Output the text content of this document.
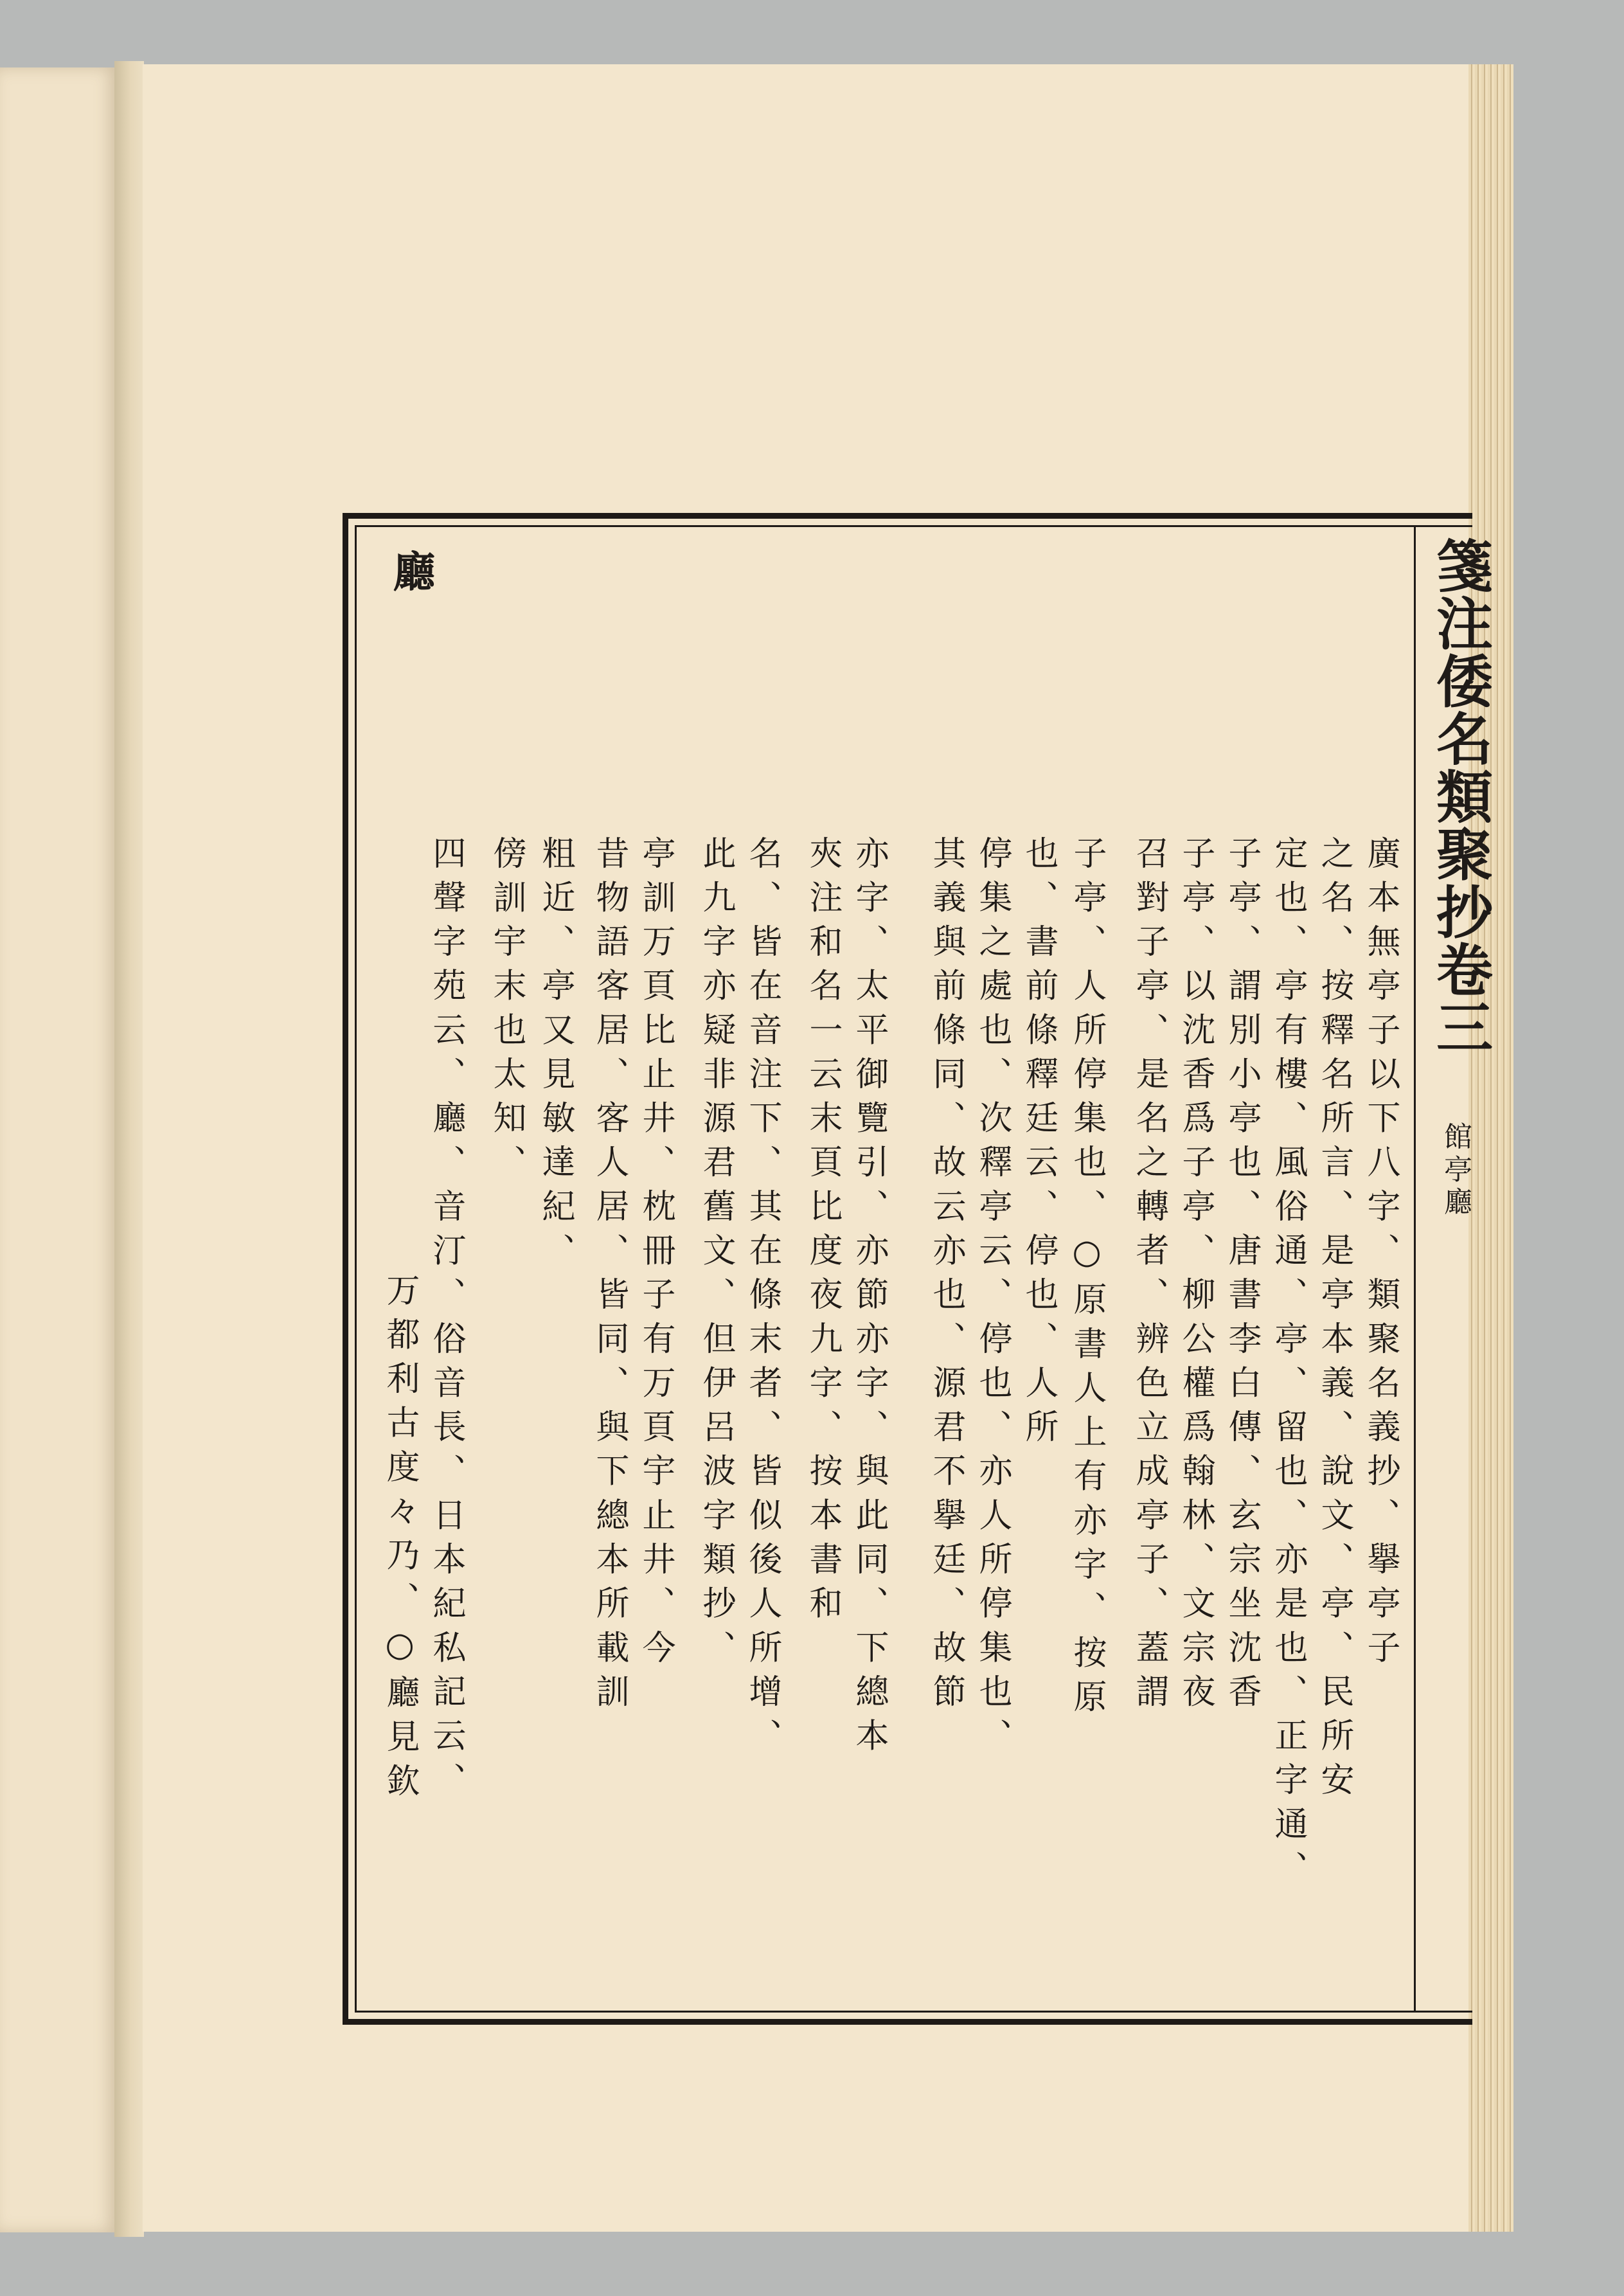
箋注倭名類聚抄卷三
館亭廳
廳
廣本無亭子以下八字、類聚名義抄、擧亭子
之名、按釋名所言、是亭本義、說文、亭、民所安
定也、亭有樓、風俗通、亭、留也、亦是也、正字通、
子亭、謂別小亭也、唐書李白傳、玄宗坐沈香
子亭、以沈香爲子亭、柳公權爲翰林、文宗夜
召對子亭、是名之轉者、辨色立成亭子、蓋謂
子亭、人所停集也、○原書人上有亦字、按原
也、書前條釋廷云、停也、人所
停集之處也、次釋亭云、停也、亦人所停集也、
其義與前條同、故云亦也、源君不擧廷、故節
亦字、太平御覽引、亦節亦字、與此同、下總本
夾注和名一云末頁比度夜九字、按本書和
名、皆在音注下、其在條末者、皆似後人所增、
此九字亦疑非源君舊文、但伊呂波字類抄、
亭訓万頁比止井、枕冊子有万頁宇止井、今
昔物語客居、客人居、皆同、與下總本所載訓
粗近、亭又見敏達紀、
傍訓宇末也太知、
四聲字苑云、廳、音汀、俗音長、日本紀私記云、
万都利古度々乃、○廳見欽
